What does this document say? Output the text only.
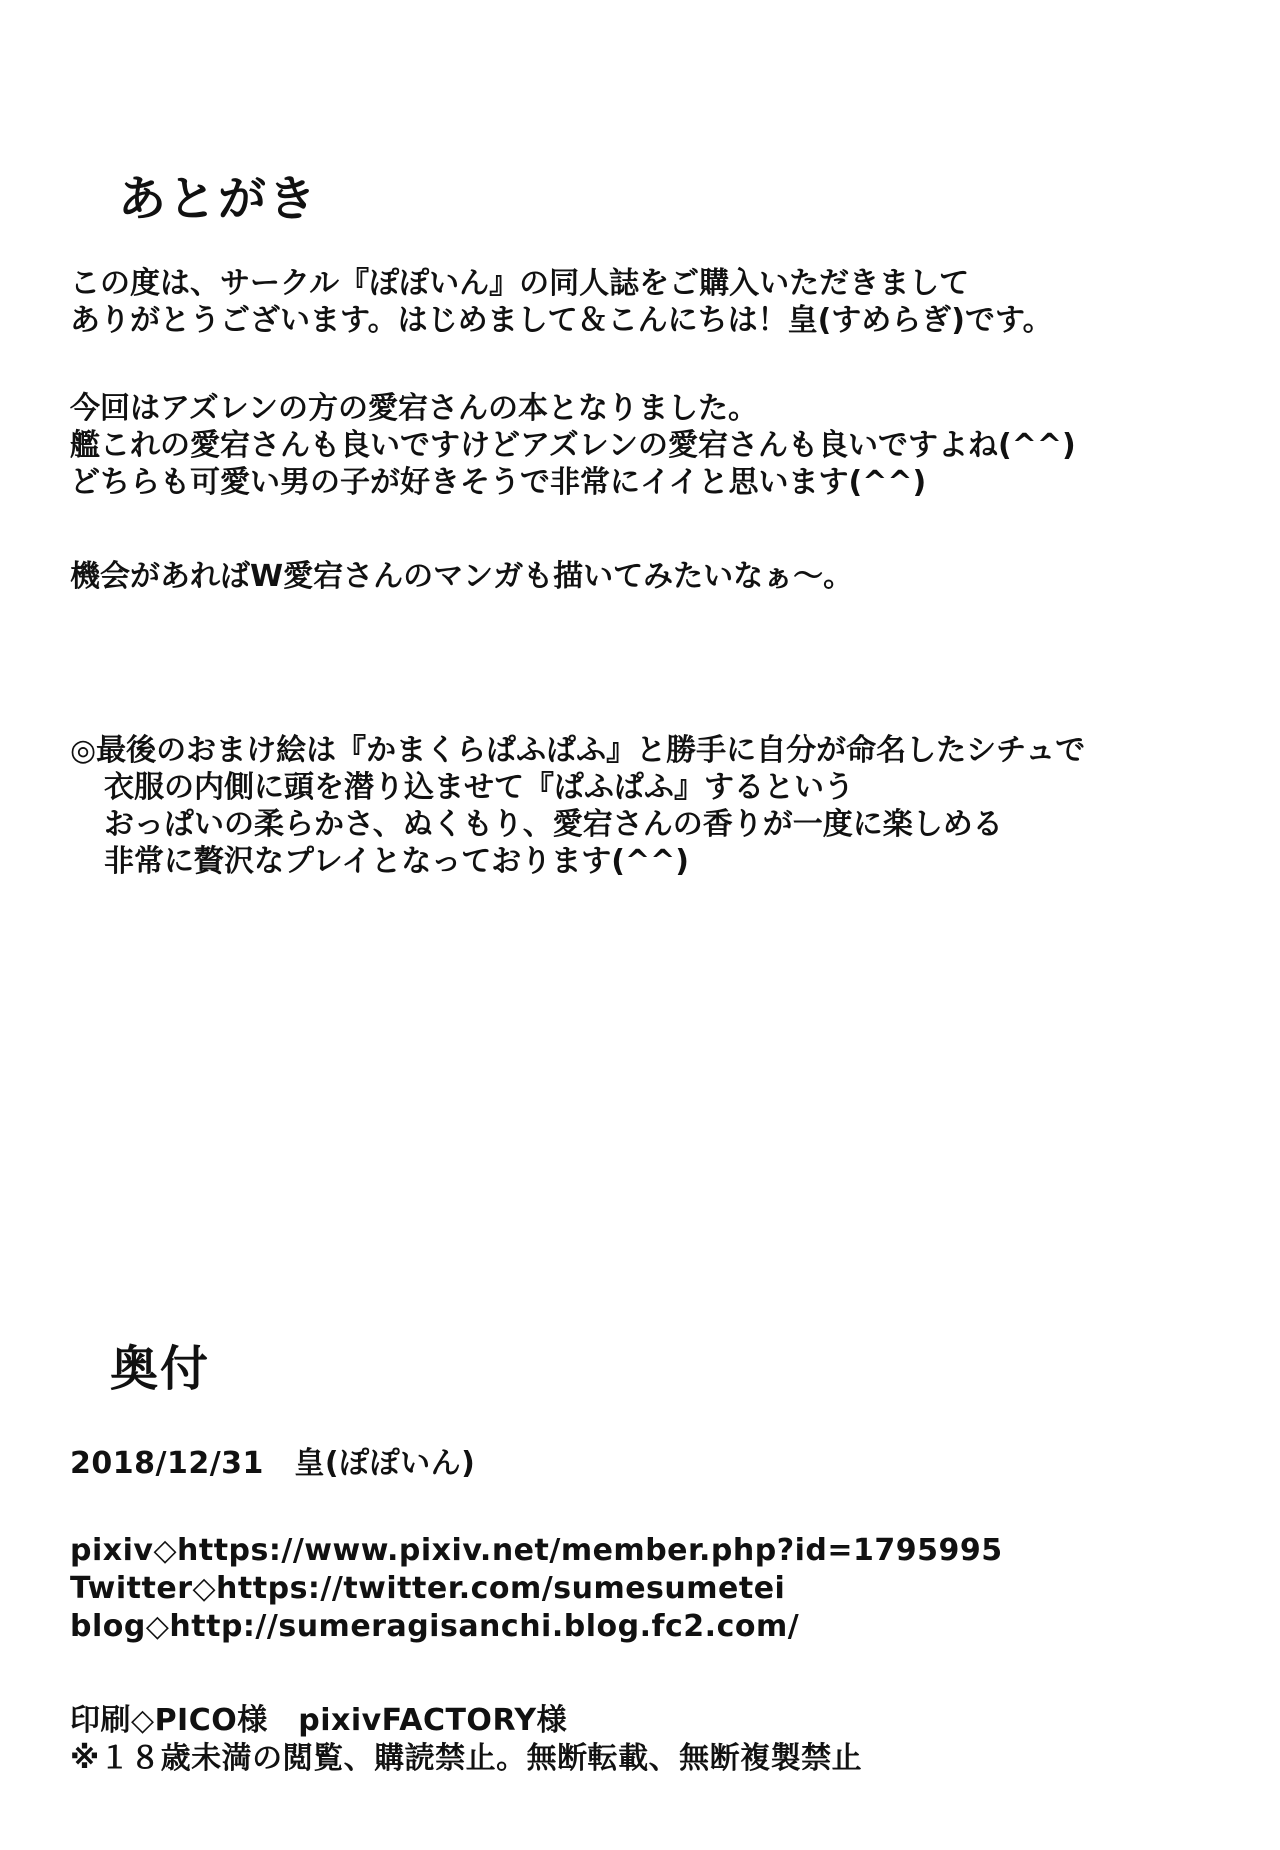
あとがき
この度は、サークル『ぽぽいん』の同人誌をご購入いただきまして
ありがとうございます。はじめまして＆こんにちは！皇(すめらぎ)です。
今回はアズレンの方の愛宕さんの本となりました。
艦これの愛宕さんも良いですけどアズレンの愛宕さんも良いですよね(^^)
どちらも可愛い男の子が好きそうで非常にイイと思います(^^)
機会があればW愛宕さんのマンガも描いてみたいなぁ～。
◎最後のおまけ絵は『かまくらぱふぱふ』と勝手に自分が命名したシチュで
衣服の内側に頭を潜り込ませて『ぱふぱふ』するという
おっぱいの柔らかさ、ぬくもり、愛宕さんの香りが一度に楽しめる
非常に贅沢なプレイとなっております(^^)
奥付
2018/12/31　皇(ぽぽいん)
pixiv◇https://www.pixiv.net/member.php?id=1795995
Twitter◇https://twitter.com/sumesumetei
blog◇http://sumeragisanchi.blog.fc2.com/
印刷◇PICO様　pixivFACTORY様
※１８歳未満の閲覧、購読禁止。無断転載、無断複製禁止
